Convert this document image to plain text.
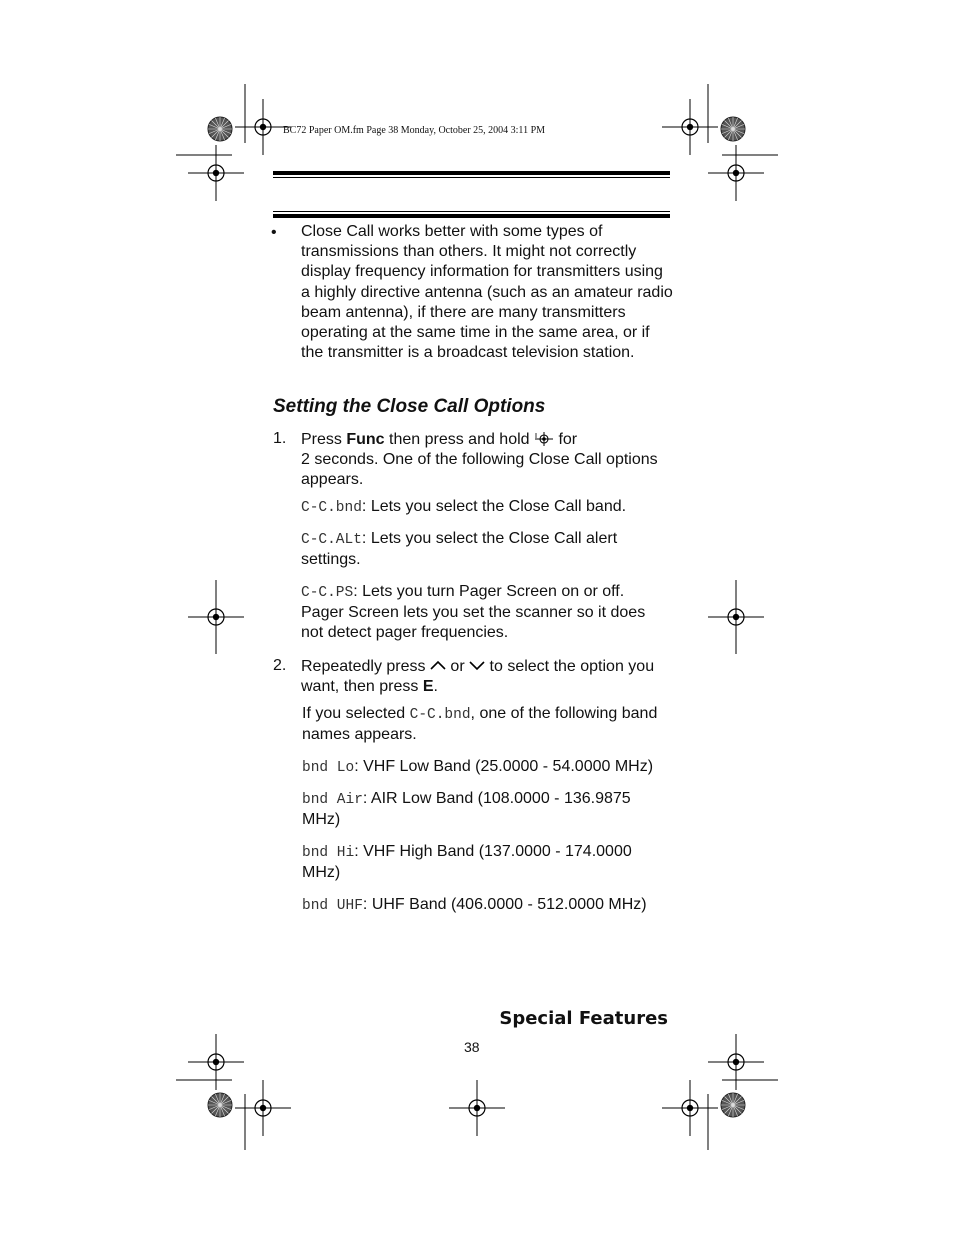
BC72 Paper OM.fm Page 38 Monday, October 25, 2004 3:11 PM
• Close Call works better with some types of transmissions than others. It might not correctly display frequency information for transmitters using a highly directive antenna (such as an amateur radio beam antenna), if there are many transmitters operating at the same time in the same area, or if the transmitter is a broadcast television station.
Setting the Close Call Options
1. Press Func then press and hold  for
2 seconds. One of the following Close Call options appears.
C-C.bnd: Lets you select the Close Call band.
C-C.ALt: Lets you select the Close Call alert settings.
C-C.PS: Lets you turn Pager Screen on or off. Pager Screen lets you set the scanner so it does not detect pager frequencies.
2. Repeatedly press  or  to select the option you want, then press E.
If you selected C-C.bnd, one of the following band names appears.
bnd Lo: VHF Low Band (25.0000 - 54.0000 MHz)
bnd Air: AIR Low Band (108.0000 - 136.9875 MHz)
bnd Hi: VHF High Band (137.0000 - 174.0000 MHz)
bnd UHF: UHF Band (406.0000 - 512.0000 MHz)
Special Features
38
